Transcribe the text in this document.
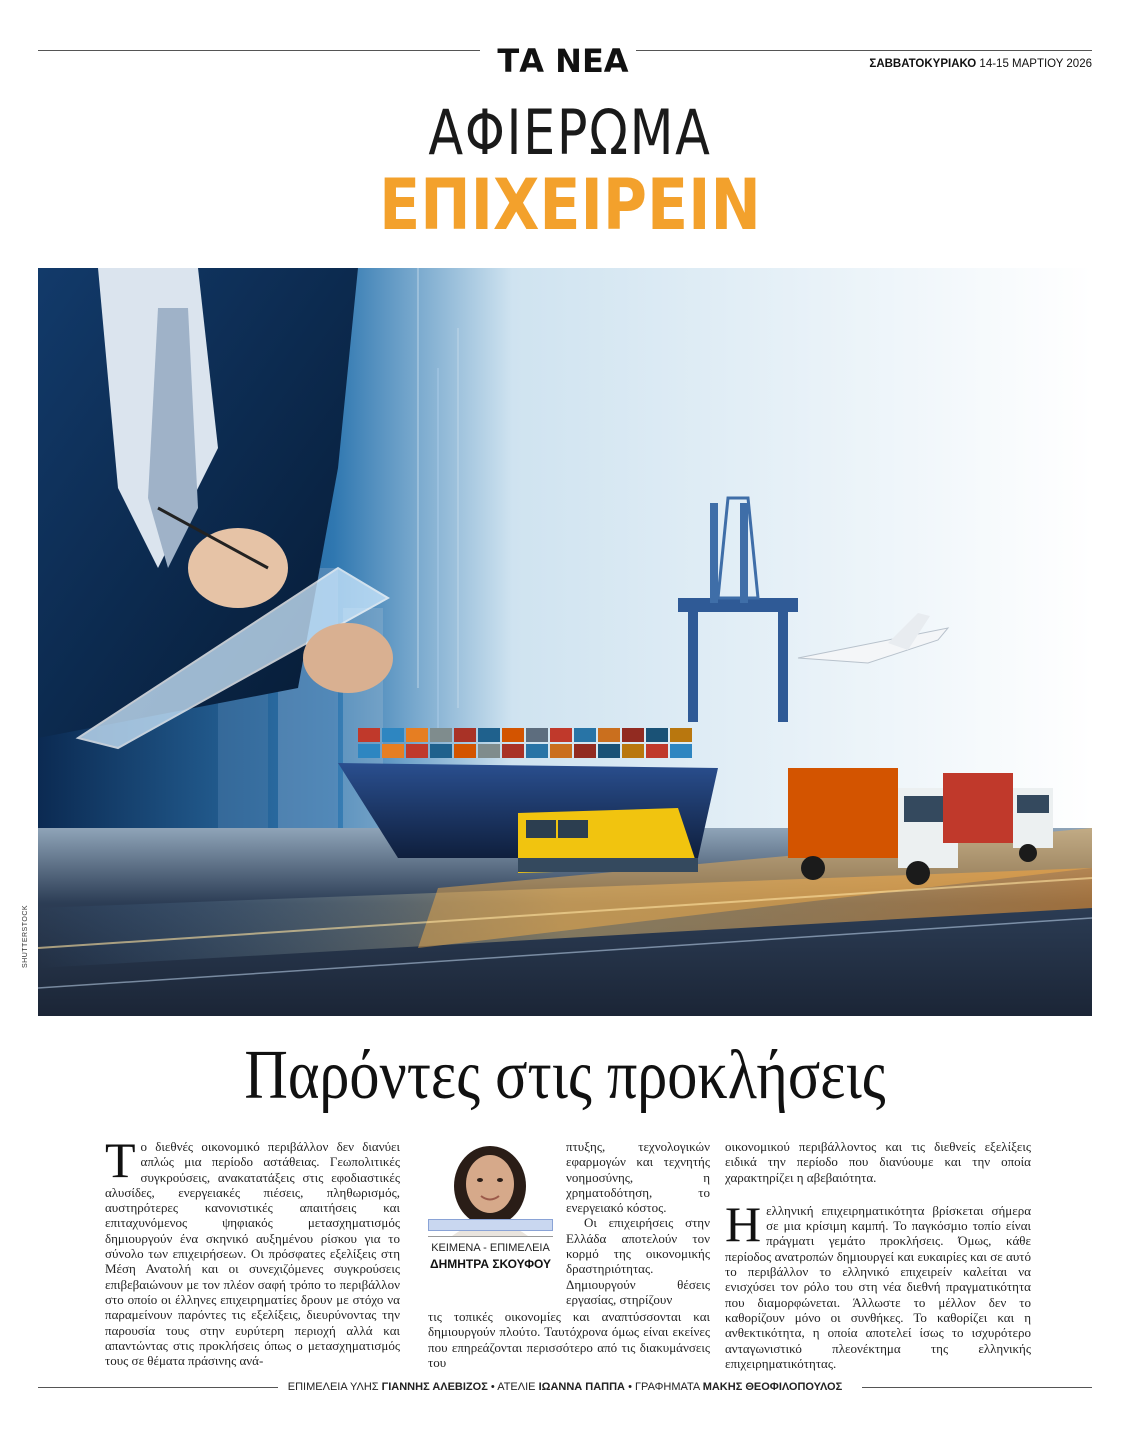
ΤΑ ΝΕΑ	ΣΑΒΒΑΤΟΚΥΡΙΑΚΟ 14-15 ΜΑΡΤΙΟΥ 2026
ΑΦΙΕΡΩΜΑ
ΕΠΙΧΕΙΡΕΙΝ
SHUTTERSTOCK
Παρόντες στις προκλήσεις

Το διεθνές οικονομικό περιβάλλον δεν διανύει απλώς μια περίοδο αστάθειας. Γεωπολιτικές συγκρούσεις, ανακατατάξεις στις εφοδιαστικές αλυσίδες, ενεργειακές πιέσεις, πληθωρισμός, αυστηρότερες κανονιστικές απαιτήσεις και επιταχυνόμενος ψηφιακός μετασχηματισμός δημιουργούν ένα σκηνικό αυξημένου ρίσκου για το σύνολο των επιχειρήσεων. Οι πρόσφατες εξελίξεις στη Μέση Ανατολή και οι συνεχιζόμενες συγκρούσεις επιβεβαιώνουν με τον πλέον σαφή τρόπο το περιβάλλον στο οποίο οι έλληνες επιχειρηματίες δρουν με στόχο να παραμείνουν παρόντες τις εξελίξεις, διευρύνοντας την παρουσία τους στην ευρύτερη περιοχή αλλά και απαντώντας στις προκλήσεις όπως ο μετασχηματισμός τους σε θέματα πράσινης ανά-

ΚΕΙΜΕΝΑ - ΕΠΙΜΕΛΕΙΑ
ΔΗΜΗΤΡΑ ΣΚΟΥΦΟΥ

πτυξης, τεχνολογικών εφαρμογών και τεχνητής νοημοσύνης, η χρηματοδότηση, το ενεργειακό κόστος.

Οι επιχειρήσεις στην Ελλάδα αποτελούν τον κορμό της οικονομικής δραστηριότητας. Δημιουργούν θέσεις εργασίας, στηρίζουν

τις τοπικές οικονομίες και αναπτύσσονται και δημιουργούν πλούτο. Ταυτόχρονα όμως είναι εκείνες που επηρεάζονται περισσότερο από τις διακυμάνσεις του

οικονομικού περιβάλλοντος και τις διεθνείς εξελίξεις ειδικά την περίοδο που διανύουμε και την οποία χαρακτηρίζει η αβεβαιότητα.

Ηελληνική επιχειρηματικότητα βρίσκεται σήμερα σε μια κρίσιμη καμπή. Το παγκόσμιο τοπίο είναι πράγματι γεμάτο προκλήσεις. Όμως, κάθε περίοδος ανατροπών δημιουργεί και ευκαιρίες και σε αυτό το περιβάλλον το ελληνικό επιχειρείν καλείται να ενισχύσει τον ρόλο του στη νέα διεθνή πραγματικότητα που διαμορφώνεται. Άλλωστε το μέλλον δεν το καθορίζουν μόνο οι συνθήκες. Το καθορίζει και η ανθεκτικότητα, η οποία αποτελεί ίσως το ισχυρότερο ανταγωνιστικό πλεονέκτημα της ελληνικής επιχειρηματικότητας.

ΕΠΙΜΕΛΕΙΑ ΥΛΗΣ ΓΙΑΝΝΗΣ ΑΛΕΒΙΖΟΣ • ΑΤΕΛΙΕ ΙΩΑΝΝΑ ΠΑΠΠΑ • ΓΡΑΦΗΜΑΤΑ ΜΑΚΗΣ ΘΕΟΦΙΛΟΠΟΥΛΟΣ
